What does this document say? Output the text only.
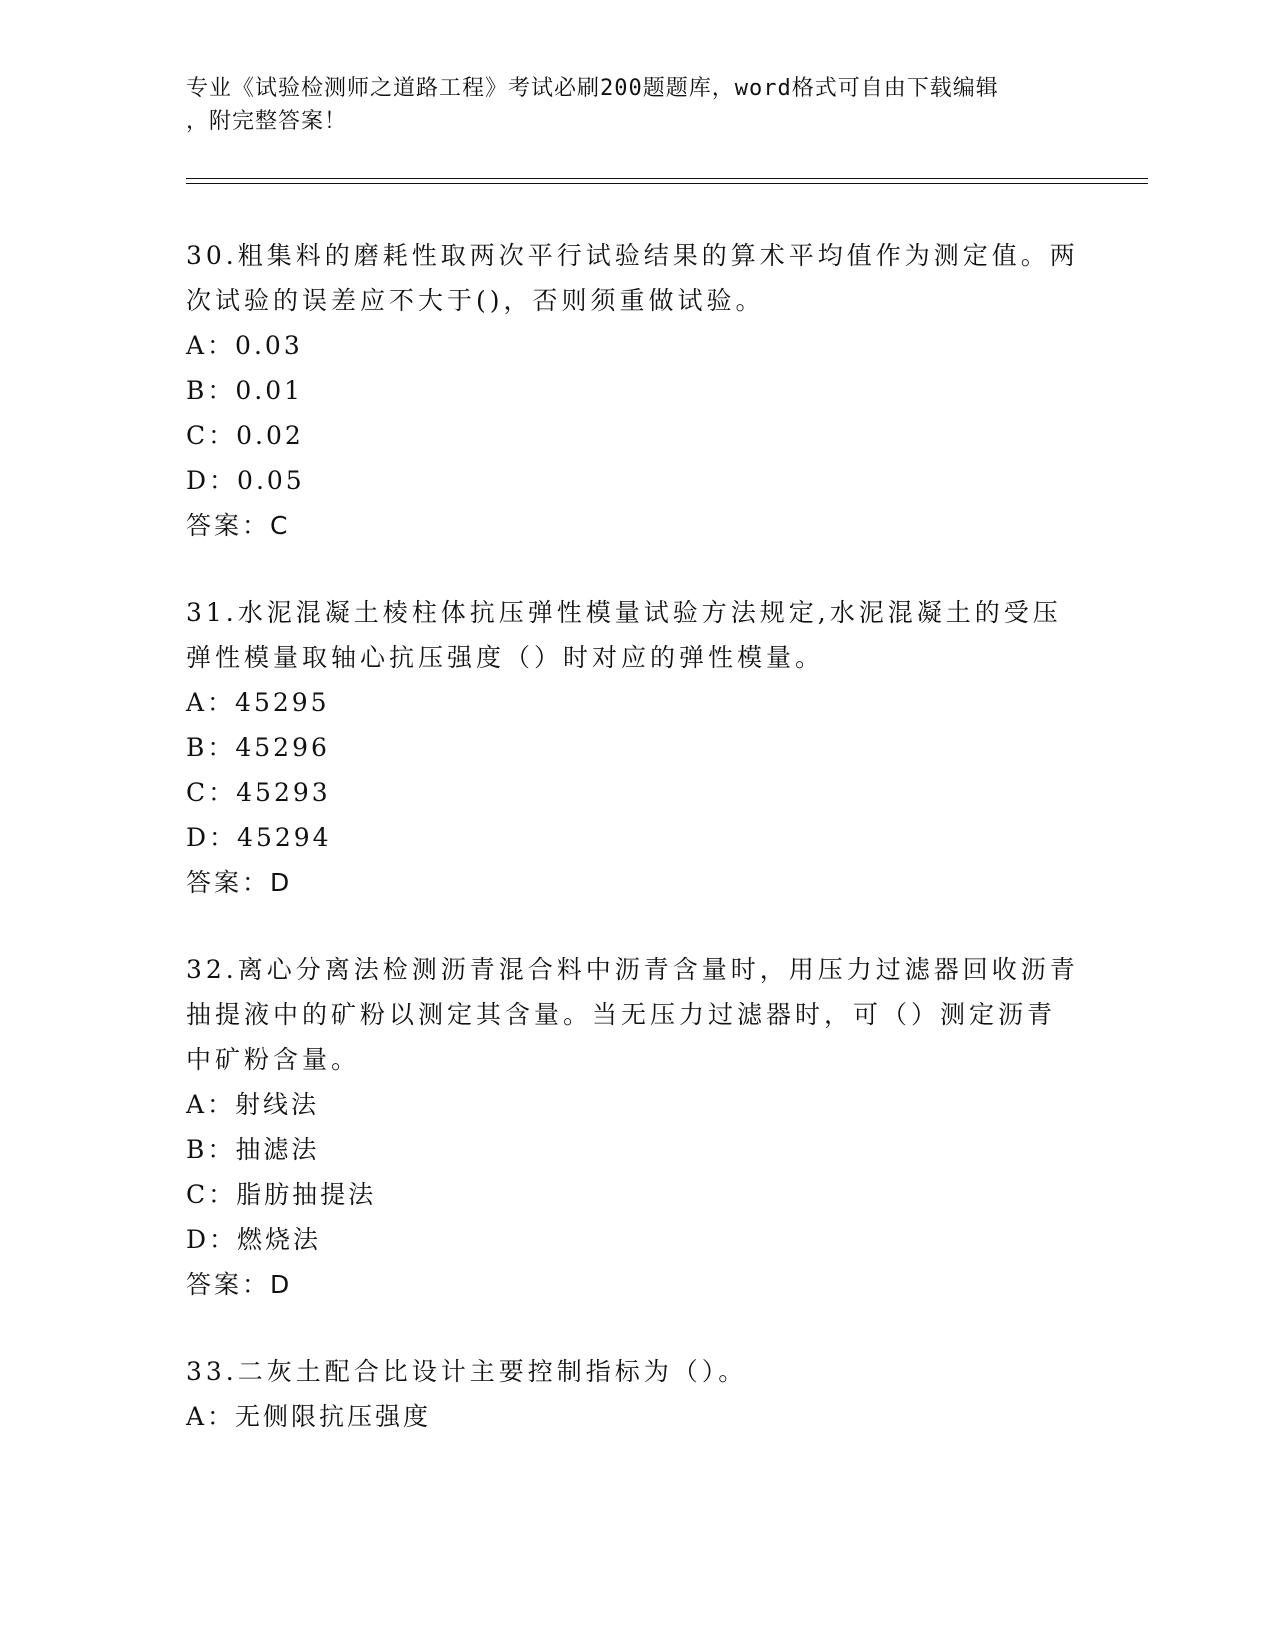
专业《试验检测师之道路工程》考试必刷200题题库，word格式可自由下载编辑
，附完整答案！

30.粗集料的磨耗性取两次平行试验结果的算术平均值作为测定值。两

次试验的误差应不大于()，否则须重做试验。

A：0.03
B：0.01
C：0.02
D：0.05

答案：C

31.水泥混凝土棱柱体抗压弹性模量试验方法规定,水泥混凝土的受压

弹性模量取轴心抗压强度（）时对应的弹性模量。

A：45295
B：45296
C：45293
D：45294

答案：D

32.离心分离法检测沥青混合料中沥青含量时，用压力过滤器回收沥青

抽提液中的矿粉以测定其含量。当无压力过滤器时，可（）测定沥青

中矿粉含量。

A：射线法
B：抽滤法
C：脂肪抽提法
D：燃烧法

答案：D

33.二灰土配合比设计主要控制指标为（）。

A：无侧限抗压强度
